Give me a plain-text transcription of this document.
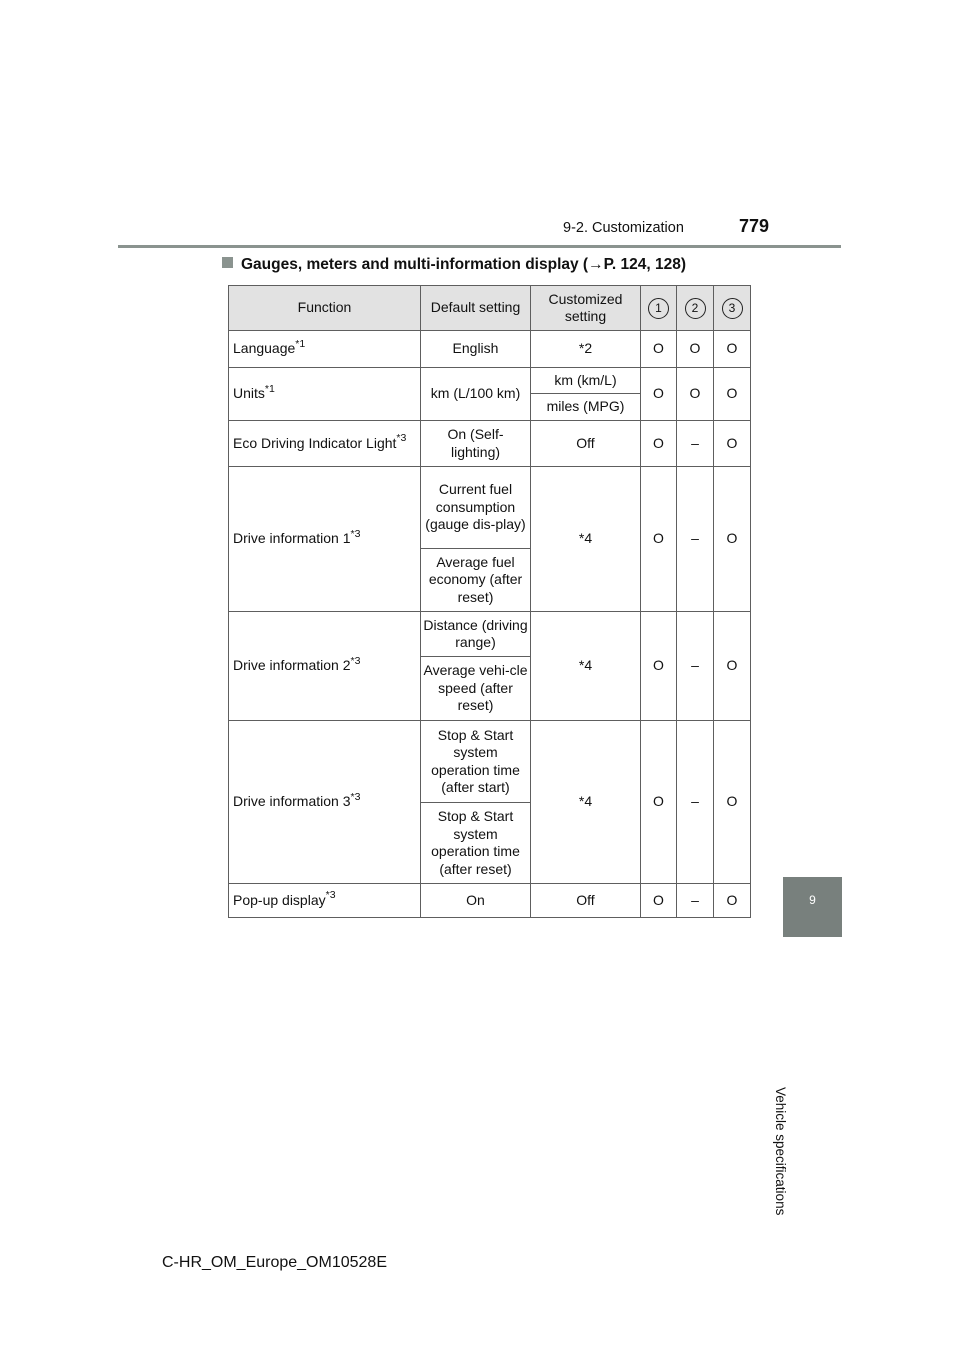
9-2. Customization	779
Gauges, meters and multi-information display (→P. 124, 128)
Function	Default setting	Customized setting	1	2	3
Language$^{*1}$	English	*2	O	O	O
Units$^{*1}$	km (L/100 km)	km (km/L)	O	O	O
		miles (MPG)			
Eco Driving Indicator Light$^{*3}$	On (Self-lighting)	Off	O	–	O
Drive information 1$^{*3}$	Current fuel consumption (gauge dis-play)	*4	O	–	O
	Average fuel economy (after reset)				
Drive information 2$^{*3}$	Distance (driving range)	*4	O	–	O
	Average vehi-cle speed (after reset)				
Drive information 3$^{*3}$	Stop & Start system operation time (after start)	*4	O	–	O
	Stop & Start system operation time (after reset)				
Pop-up display$^{*3}$	On	Off	O	–	O	9
Vehicle specifications
C-HR_OM_Europe_OM10528E
